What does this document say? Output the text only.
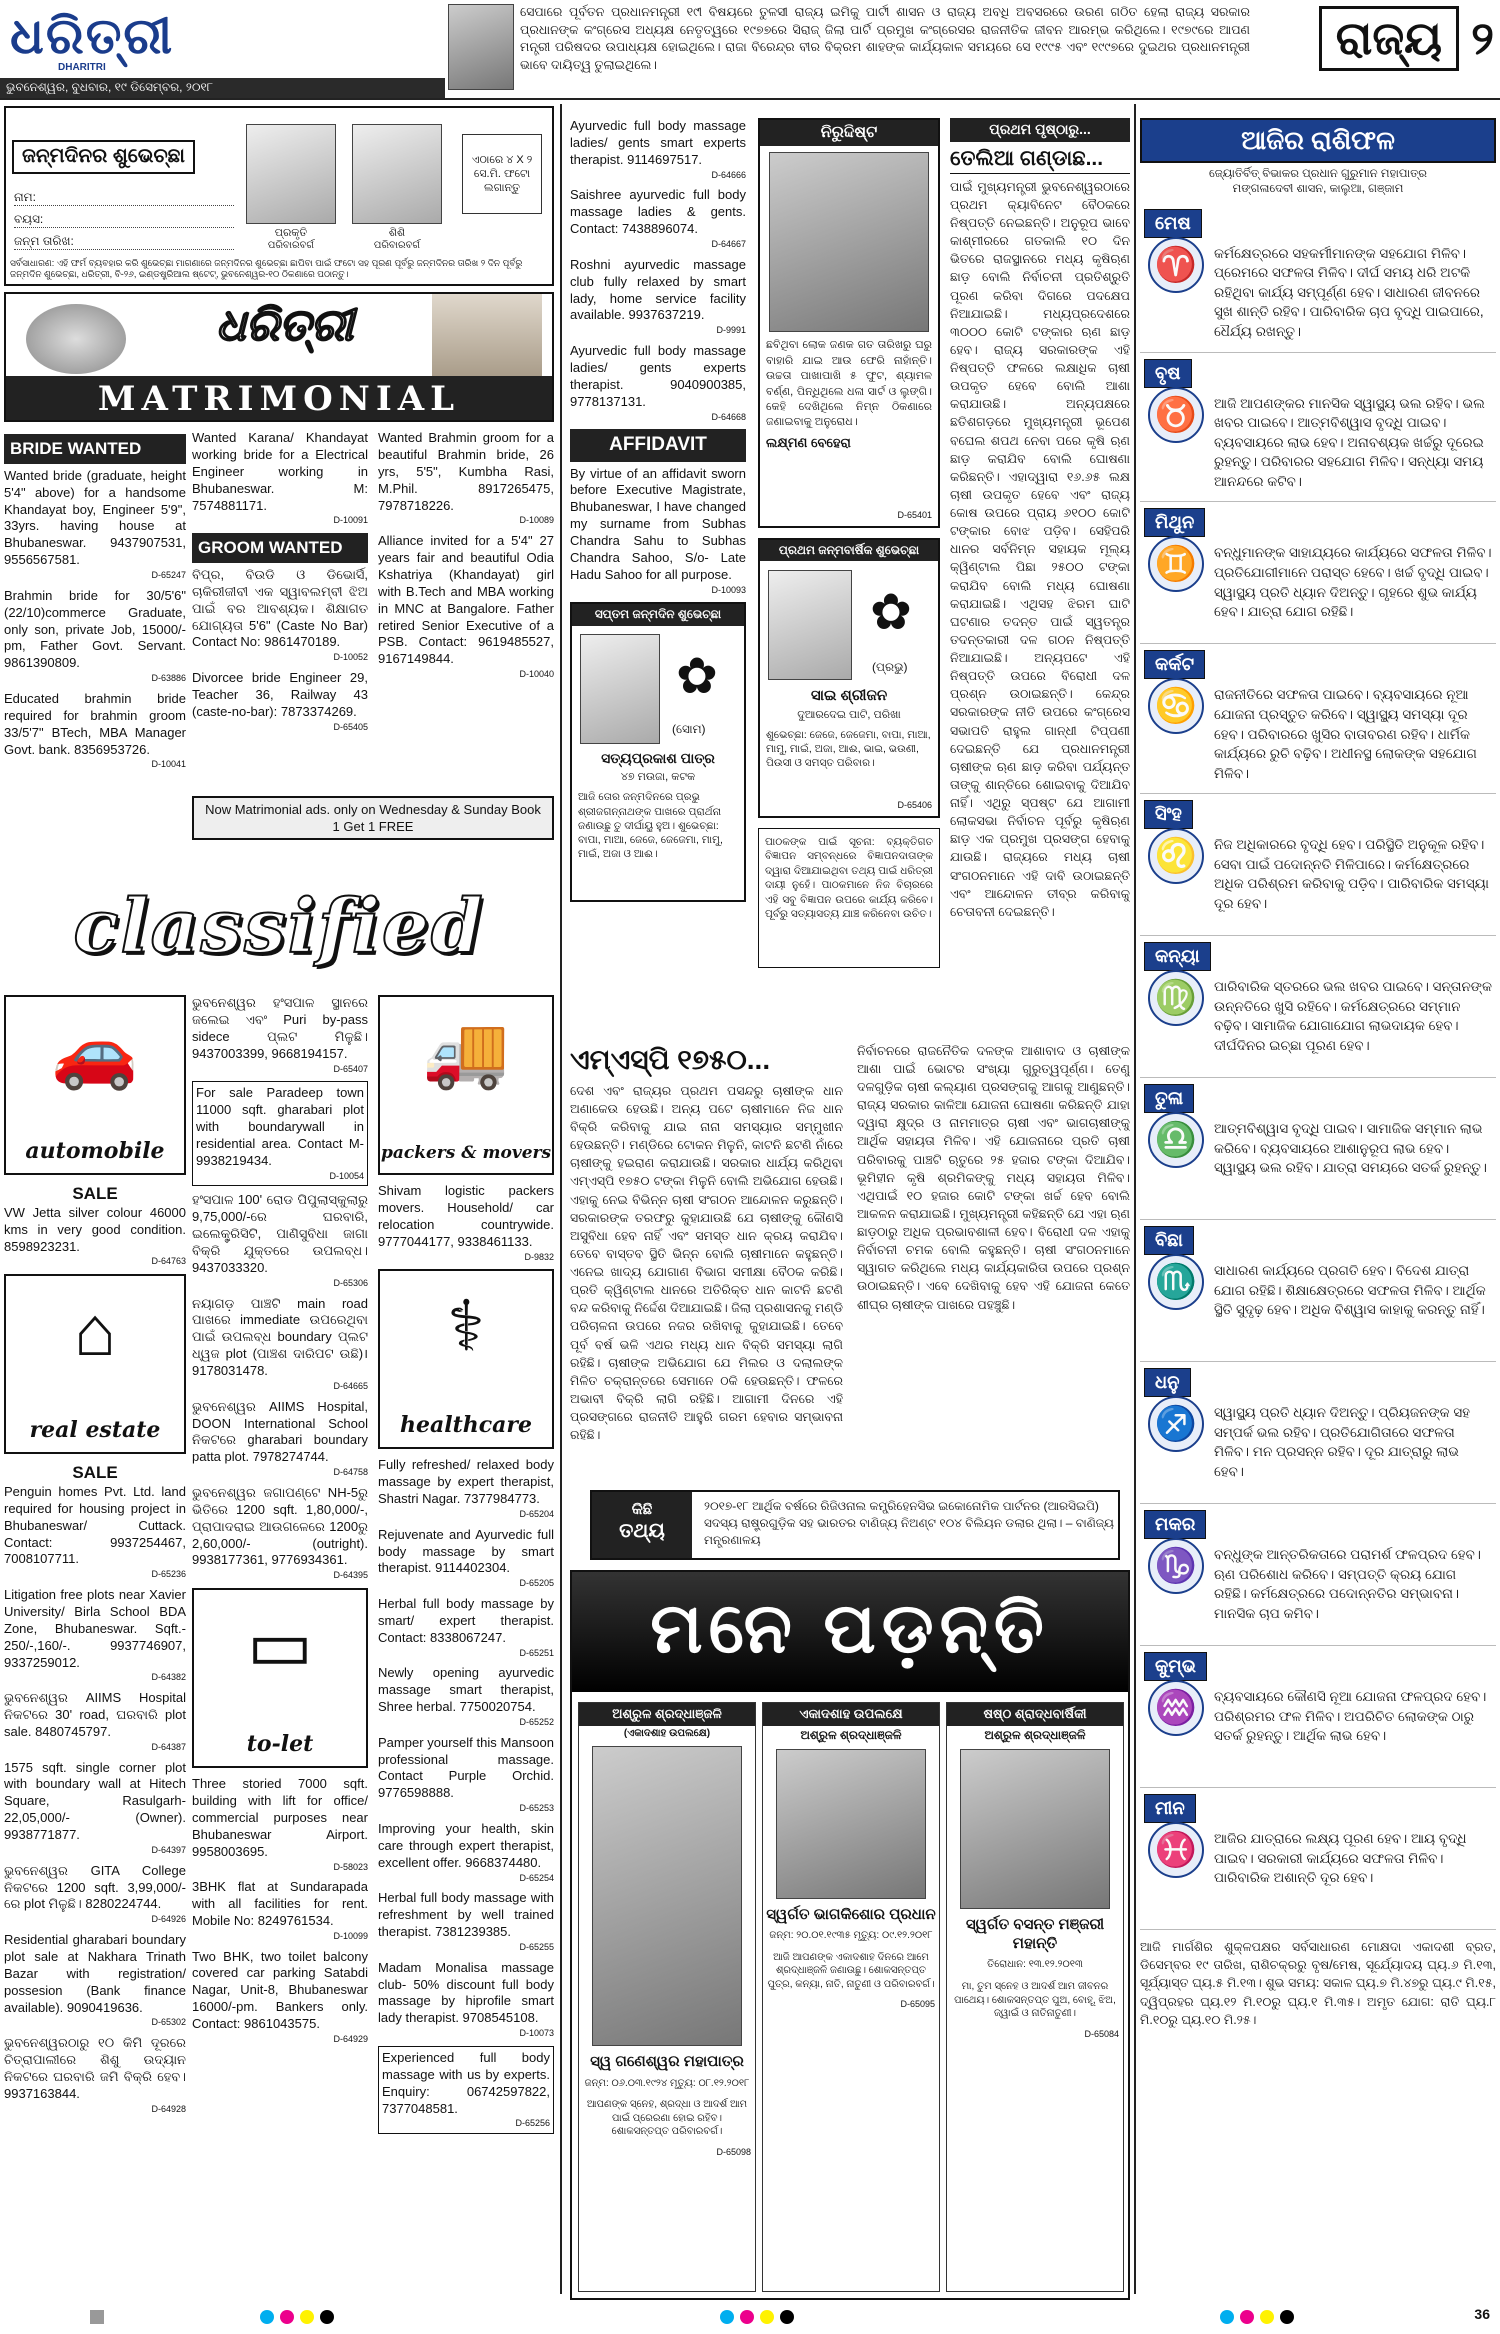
ଧରିତ୍ରୀ
DHARITRI
ଭୁବନେଶ୍ୱର, ବୁଧବାର, ୧୯ ଡିସେମ୍ବର, ୨୦୧୮
ସେପାରେ ପୂର୍ବତନ ପ୍ରଧାନମନ୍ତ୍ରୀ ୧୯ୀ ବିଷୟରେ ତୁଳସୀ ରାଜ୍ୟ ଇମିକୁ ପାର୍ଟୀ ଶାସନ ଓ ରାଜ୍ୟ ଅବଧି ଅବସରରେ ଉରଣ ଗଠିତ ହେଲା ରାଜ୍ୟ ସରକାର ପ୍ରଧାନଙ୍କ କଂଗ୍ରେସ ଅଧ୍ୟକ୍ଷ ନେତୃତ୍ୱରେ ୧୯୭୭ରେ ସିରାଜ୍ ଜିଲା ପାର୍ଟି ପ୍ରମୁଖ କଂଗ୍ରେସର ରାଜନୀତିକ ଜୀବନ ଆରମ୍ଭ କରିଥିଲେ। ୧୯୭୯ରେ ଆପଣ ମନ୍ତ୍ରୀ ପରିଷଦର ଉପାଧ୍ୟକ୍ଷ ହୋଇଥିଲେ। ରାଜା ବିରେନ୍ଦ୍ର ବୀର ବିକ୍ରମ ଶାହଙ୍କ କାର୍ଯ୍ୟକାଳ ସମୟରେ ସେ ୧୯୯୫ ଏବଂ ୧୯୯୭ରେ ଦୁଇଥର ପ୍ରଧାନମନ୍ତ୍ରୀ ଭାବେ ଦାୟିତ୍ୱ ତୁଲାଇଥିଲେ।	ରାଜ୍ୟ ୨
ଜନ୍ମଦିନର ଶୁଭେଚ୍ଛା
ନାମ:
ବୟସ:
ଜନ୍ମ ତାରିଖ:
ପ୍ରକୃତି
ପରିବାରବର୍ଗ
ଶିଶି
ପରିବାରବର୍ଗ
ଏଠାରେ ୪ X ୨ ସେ.ମି. ଫଟୋ ଲଗାନ୍ତୁ
ସର୍ବସାଧାରଣ: ଏହି ଫର୍ମ ବ୍ୟବହାର କରି ଶୁଭେଚ୍ଛା ମାଗଣାରେ ଜନ୍ମଦିନର ଶୁଭେଚ୍ଛା ଛାପିବା ପାଇଁ ଫଟୋ ସହ ପୂରଣ ପୂର୍ବରୁ ଜନ୍ମଦିନର ତାରିଖ ୨ ଦିନ ପୂର୍ବରୁ ଜନ୍ମଦିନ ଶୁଭେଚ୍ଛା, ଧରିତ୍ରୀ, ବି-୨୬, ଇଣ୍ଡଷ୍ଟ୍ରିଆଲ ଷ୍ଟେଟ୍, ଭୁବନେଶ୍ୱର-୧୦ ଠିକଣାରେ ପଠାନ୍ତୁ।
ଧରିତ୍ରୀ
MATRIMONIAL
BRIDE WANTED
Wanted bride (graduate, height 5'4" above) for a handsome Khandayat boy, Engineer 5'9", 33yrs. having house at Bhubaneswar. 9437907531, 9556567581.
D-65247
Brahmin bride for 30/5'6" (22/10)commerce Graduate, only son, private Job, 15000/- pm, Father Govt. Servant. 9861390809.
D-63886
Educated brahmin bride required for brahmin groom 33/5'7" BTech, MBA Manager Govt. bank. 8356953726.
D-10041
Wanted Karana/ Khandayat working bride for a Electrical Engineer working in Bhubaneswar. M: 7574881171.
D-10091
GROOM WANTED
ବିପ୍ର, ବିଉଡି ଓ ଡିଭୋର୍ସି, ଚାକିରୀଜୀବୀ ଏକ ସ୍ୱାବଲମ୍ବୀ ଝିଅ ପାଇଁ ବର ଆବଶ୍ୟକ। ଶିକ୍ଷାଗତ ଯୋଗ୍ୟତା 5'6" (Caste No Bar) Contact No: 9861470189.
D-10052
Divorcee bride Engineer 29, Teacher 36, Railway 43 (caste-no-bar): 7873374269.
D-65405
Wanted Brahmin groom for a beautiful Brahmin bride, 26 yrs, 5'5", Kumbha Rasi, M.Phil. 8917265475, 7978718226.
D-10089
Alliance invited for a 5'4" 27 years fair and beautiful Odia Kshatriya (Khandayat) girl with B.Tech and MBA working in MNC at Bangalore. Father retired Senior Executive of a PSB. Contact: 9619485527, 9167149844.
D-10040
Now Matrimonial ads. only on Wednesday & Sunday Book 1 Get 1 FREE
classified
🚗
automobile
SALE
VW Jetta silver colour 46000 kms in very good condition. 8598923231.
D-64763
⌂
real estate
SALE
Penguin homes Pvt. Ltd. land required for housing project in Bhubaneswar/ Cuttack. Contact: 9937254467, 7008107711.
D-65236
Litigation free plots near Xavier University/ Birla School BDA Zone, Bhubaneswar. Sqft.- 250/-,160/-. 9937746907, 9337259012.
D-64382
ଭୁବନେଶ୍ୱର AIIMS Hospital ନିକଟରେ 30' road, ଘରବାରି plot sale. 8480745797.
D-64387
1575 sqft. single corner plot with boundary wall at Hitech Square, Rasulgarh- 22,05,000/- (Owner). 9938771877.
D-64397
ଭୁବନେଶ୍ୱର GITA College ନିକଟରେ 1200 sqft. 3,99,000/-ରେ plot ମିଳୁଛି। 8280224744.
D-64926
Residential gharabari boundary plot sale at Nakhara Trinath Bazar with registration/ possesion (Bank finance available). 9090419636.
D-65302
ଭୁବନେଶ୍ୱରଠାରୁ ୧୦ କିମି ଦୂରରେ ଚିତ୍ରାପାଲୀରେ ଶିଶୁ ଉଦ୍ୟାନ ନିକଟରେ ଘରବାରି ଜମି ବିକ୍ରି ହେବ। 9937163844.
D-64928
ଭୁବନେଶ୍ୱର ହଂସପାଳ ସ୍ଥାନରେ ଜଲେଇ ଏବଂ Puri by-pass sidece ପ୍ଲଟ ମିଳୁଛି। 9437003399, 9668194157.
D-65407
For sale Paradeep town 11000 sqft. gharabari plot with boundarywall in residential area. Contact M-9938219434.
D-10054
ହଂସପାଳ 100' ରୋଡ ପିପୁଲାସ୍କୁଲାରୁ 9,75,000/-ରେ ଘରବାରି, ଇଲେକ୍ଟ୍ରିସିଟି, ପାଣିସୁବିଧା ଜାଗା ବିକ୍ରି ଯୁକ୍ତରେ ଉପଲବ୍ଧ। 9437033320.
D-65306
ନୟାଗଡ଼ ପାଞ୍ଚଟି main road ପାଖରେ immediate ଉପରେଥିବା ପାଇଁ ଉପଲବ୍ଧ boundary ପ୍ଲଟ ଧ୍ୱଜ plot (ପାଞ୍ଚଶ ଦାରିପଟ ଉଛି)। 9178031478.
D-64665
ଭୁବନେଶ୍ୱର AIIMS Hospital, DOON International School ନିକଟରେ gharabari boundary patta plot. 7978274744.
D-64758
ଭୁବନେଶ୍ୱର ଜଗାପଣ୍ଟେ NH-5ରୁ ଭିତିରେ 1200 sqft. 1,80,000/-, ପ୍ରାପାଦରାଇ ଆଉଗଳେରେ 1200ରୁ 2,60,000/- (outright). 9938177361, 9776934361.
D-64395
▭
to-let
Three storied 7000 sqft. building with lift for office/ commercial purposes near Bhubaneswar Airport. 9958003695.
D-58023
3BHK flat at Sundarapada with all facilities for rent. Mobile No: 8249761534.
D-10099
Two BHK, two toilet balcony covered car parking Satabdi Nagar, Unit-8, Bhubaneswar 16000/-pm. Bankers only. Contact: 9861043575.
D-64929
🚚
packers & movers
Shivam logistic packers movers. Household/ car relocation countrywide. 9777044177, 9338461133.
D-9832
⚕
healthcare
Fully refreshed/ relaxed body massage by expert therapist, Shastri Nagar. 7377984773.
D-65204
Rejuvenate and Ayurvedic full body massage by smart therapist. 9114402304.
D-65205
Herbal full body massage by smart/ expert therapist. Contact: 8338067247.
D-65251
Newly opening ayurvedic massage smart therapist, Shree herbal. 7750020754.
D-65252
Pamper yourself this Mansoon professional massage. Contact Purple Orchid. 9776598888.
D-65253
Improving your health, skin care through expert therapist, excellent offer. 9668374480.
D-65254
Herbal full body massage with refreshment by well trained therapist. 7381239385.
D-65255
Madam Monalisa massage club- 50% discount full body massage by hiprofile smart lady therapist. 9708545108.
D-10073
Experienced full body massage with us by experts. Enquiry: 06742597822, 7377048581.
D-65256
Ayurvedic full body massage ladies/ gents smart experts therapist. 9114697517.
D-64666
Saishree ayurvedic full body massage ladies & gents. Contact: 7438896074.
D-64667
Roshni ayurvedic massage club fully relaxed by smart lady, home service facility available. 9937637219.
D-9991
Ayurvedic full body massage ladies/ gents experts therapist. 9040900385, 9778137131.
D-64668
AFFIDAVIT
By virtue of an affidavit sworn before Executive Magistrate, Bhubaneswar, I have changed my surname from Subhas Chandra Sahu to Subhas Chandra Sahoo, S/o- Late Hadu Sahoo for all purpose.
D-10093
ସପ୍ତମ ଜନ୍ମଦିନ ଶୁଭେଚ୍ଛା
✿
(ସୋମ)
ସତ୍ୟପ୍ରକାଶ ପାତ୍ର
୪୭ ମଉଜା, କଟକ
ଆଜି ତୋର ଜନ୍ମଦିନରେ ପ୍ରଭୁ ଶ୍ରୀଜଗନ୍ନାଥଙ୍କ ପାଖରେ ପ୍ରାର୍ଥନା ଜଣାଉଛୁ ତୁ ଦୀର୍ଘାୟୁ ହୁଅ। ଶୁଭେଚ୍ଛା: ବାପା, ମାଆ, ଜେଜେ, ଜେଜେମା, ମାମୁ, ମାଇଁ, ଅଜା ଓ ଆଈ।
ନିରୁଦ୍ଦିଷ୍ଟ
ଛବିଥିବା ଲୋକ ଜଣକ ଗତ ତାରିଖରୁ ଘରୁ ବାହାରି ଯାଇ ଆଉ ଫେରି ନାହାଁନ୍ତି। ଉଚ୍ଚତା ପାଖାପାଖି ୫ ଫୁଟ, ଶ୍ୟାମଳ ବର୍ଣ୍ଣ, ପିନ୍ଧିଥିଲେ ଧଳା ସାର୍ଟ ଓ ଲୁଙ୍ଗି। କେହି ଦେଖିଥିଲେ ନିମ୍ନ ଠିକଣାରେ ଜଣାଇବାକୁ ଅନୁରୋଧ।
ଲକ୍ଷ୍ମଣ ବେହେରା
D-65401
ପ୍ରଥମ ଜନ୍ମବାର୍ଷିକ ଶୁଭେଚ୍ଛା
✿
(ପ୍ରଭୁ)
ସାଇ ଶ୍ରୀଜନ
ଦୁଆରଦେଇ ପାଟି, ପରିଖା
ଶୁଭେଚ୍ଛା: ଜେଜେ, ଜେଜେମା, ବାପା, ମାଆ, ମାମୁ, ମାଇଁ, ଅଜା, ଆଈ, ଭାଇ, ଭଉଣୀ, ପିଉସୀ ଓ ସମସ୍ତ ପରିବାର।
D-65406
ପାଠକଙ୍କ ପାଇଁ ସୂଚନା: ବ୍ୟକ୍ତିଗତ ବିଜ୍ଞାପନ ସମ୍ବନ୍ଧରେ ବିଜ୍ଞାପନଦାତାଙ୍କ ଦ୍ୱାରା ଦିଆଯାଇଥିବା ତଥ୍ୟ ପାଇଁ ଧରିତ୍ରୀ ଦାୟୀ ନୁହେଁ। ପାଠକମାନେ ନିଜ ବିଚାରରେ ଏହି ସବୁ ବିଜ୍ଞାପନ ଉପରେ କାର୍ଯ୍ୟ କରିବେ। ପୂର୍ବରୁ ସତ୍ୟାସତ୍ୟ ଯାଞ୍ଚ କରିନେବା ଉଚିତ।
ପ୍ରଥମ ପୃଷ୍ଠାରୁ...
ତେଲିଆ ଗଣ୍ଡାଛ...
ପାଇଁ ମୁଖ୍ୟମନ୍ତ୍ରୀ ଭୁବନେଶ୍ୱରଠାରେ ପ୍ରଥମ କ୍ୟାବିନେଟ ବୈଠକରେ ନିଷ୍ପତ୍ତି ନେଇଛନ୍ତି। ଅନୁରୂପ ଭାବେ କାଶ୍ମୀରରେ ଗତକାଲି ୧୦ ଦିନ ଭିତରେ ରାଜସ୍ଥାନରେ ମଧ୍ୟ କୃଷିଋଣ ଛାଡ଼ ବୋଲି ନିର୍ବାଚନୀ ପ୍ରତିଶ୍ରୁତି ପୂରଣ କରିବା ଦିଗରେ ପଦକ୍ଷେପ ନିଆଯାଇଛି। ମଧ୍ୟପ୍ରଦେଶରେ ୩୦୦୦ କୋଟି ଟଙ୍କାର ଋଣ ଛାଡ଼ ହେବ। ରାଜ୍ୟ ସରକାରଙ୍କ ଏହି ନିଷ୍ପତ୍ତି ଫଳରେ ଲକ୍ଷାଧିକ ଚାଷୀ ଉପକୃତ ହେବେ ବୋଲି ଆଶା କରାଯାଉଛି। ଅନ୍ୟପକ୍ଷରେ ଛତିଶଗଡ଼ରେ ମୁଖ୍ୟମନ୍ତ୍ରୀ ଭୂପେଶ ବଘେଲ ଶପଥ ନେବା ପରେ କୃଷି ଋଣ ଛାଡ଼ କରାଯିବ ବୋଲି ଘୋଷଣା କରିଛନ୍ତି। ଏହାଦ୍ୱାରା ୧୬.୬୫ ଲକ୍ଷ ଚାଷୀ ଉପକୃତ ହେବେ ଏବଂ ରାଜ୍ୟ କୋଷ ଉପରେ ପ୍ରାୟ ୬୧୦୦ କୋଟି ଟଙ୍କାର ବୋଝ ପଡ଼ିବ। ସେହିପରି ଧାନର ସର୍ବନିମ୍ନ ସହାୟକ ମୂଲ୍ୟ କ୍ୱିଣ୍ଟାଲ ପିଛା ୨୫୦୦ ଟଙ୍କା କରାଯିବ ବୋଲି ମଧ୍ୟ ଘୋଷଣା କରାଯାଇଛି। ଏଥିସହ ଝିରମ ଘାଟି ଘଟଣାର ତଦନ୍ତ ପାଇଁ ସ୍ୱତନ୍ତ୍ର ତଦନ୍ତକାରୀ ଦଳ ଗଠନ ନିଷ୍ପତ୍ତି ନିଆଯାଇଛି। ଅନ୍ୟପଟେ ଏହି ନିଷ୍ପତ୍ତି ଉପରେ ବିରୋଧୀ ଦଳ ପ୍ରଶ୍ନ ଉଠାଇଛନ୍ତି। କେନ୍ଦ୍ର ସରକାରଙ୍କ ନୀତି ଉପରେ କଂଗ୍ରେସ ସଭାପତି ରାହୁଲ ଗାନ୍ଧୀ ଟିପ୍ପଣୀ ଦେଇଛନ୍ତି ଯେ ପ୍ରଧାନମନ୍ତ୍ରୀ ଚାଷୀଙ୍କ ଋଣ ଛାଡ଼ କରିବା ପର୍ଯ୍ୟନ୍ତ ତାଙ୍କୁ ଶାନ୍ତିରେ ଶୋଇବାକୁ ଦିଆଯିବ ନାହିଁ। ଏଥିରୁ ସ୍ପଷ୍ଟ ଯେ ଆଗାମୀ ଲୋକସଭା ନିର୍ବାଚନ ପୂର୍ବରୁ କୃଷିଋଣ ଛାଡ଼ ଏକ ପ୍ରମୁଖ ପ୍ରସଙ୍ଗ ହେବାକୁ ଯାଉଛି। ରାଜ୍ୟରେ ମଧ୍ୟ ଚାଷୀ ସଂଗଠନମାନେ ଏହି ଦାବି ଉଠାଇଛନ୍ତି ଏବଂ ଆନ୍ଦୋଳନ ତୀବ୍ର କରିବାକୁ ଚେତାବନୀ ଦେଇଛନ୍ତି।
ଏମ୍‌ଏସ୍‌ପି ୧୭୫୦...
ଦେଶ ଏବଂ ରାଜ୍ୟର ପ୍ରଥମ ପସନ୍ଦରୁ ଚାଷୀଙ୍କ ଧାନ ଅଣାକେଉ ହେଉଛି। ଅନ୍ୟ ପଟେ ଚାଷୀମାନେ ନିଜ ଧାନ ବିକ୍ରି କରିବାକୁ ଯାଇ ନାନା ସମସ୍ୟାର ସମ୍ମୁଖୀନ ହେଉଛନ୍ତି। ମଣ୍ଡିରେ ଟୋକନ ମିଳୁନି, କାଟନି ଛଟଣି ନାଁରେ ଚାଷୀଙ୍କୁ ହଇରାଣ କରାଯାଉଛି। ସରକାର ଧାର୍ଯ୍ୟ କରିଥିବା ଏମ୍‌ଏସ୍‌ପି ୧୭୫୦ ଟଙ୍କା ମିଳୁନି ବୋଲି ଅଭିଯୋଗ ହେଉଛି। ଏହାକୁ ନେଇ ବିଭିନ୍ନ ଚାଷୀ ସଂଗଠନ ଆନ୍ଦୋଳନ କରୁଛନ୍ତି। ସରକାରଙ୍କ ତରଫରୁ କୁହାଯାଉଛି ଯେ ଚାଷୀଙ୍କୁ କୌଣସି ଅସୁବିଧା ହେବ ନାହିଁ ଏବଂ ସମସ୍ତ ଧାନ କ୍ରୟ କରାଯିବ। ତେବେ ବାସ୍ତବ ସ୍ଥିତି ଭିନ୍ନ ବୋଲି ଚାଷୀମାନେ କହୁଛନ୍ତି। ଏନେଇ ଖାଦ୍ୟ ଯୋଗାଣ ବିଭାଗ ସମୀକ୍ଷା ବୈଠକ କରିଛି। ପ୍ରତି କ୍ୱିଣ୍ଟାଲ ଧାନରେ ଅତିରିକ୍ତ ଧାନ କାଟନି ଛଟଣି ବନ୍ଦ କରିବାକୁ ନିର୍ଦ୍ଦେଶ ଦିଆଯାଇଛି। ଜିଲା ପ୍ରଶାସନକୁ ମଣ୍ଡି ପରିଚାଳନା ଉପରେ ନଜର ରଖିବାକୁ କୁହାଯାଇଛି। ତେବେ ପୂର୍ବ ବର୍ଷ ଭଳି ଏଥର ମଧ୍ୟ ଧାନ ବିକ୍ରି ସମସ୍ୟା ଲାଗି ରହିଛି। ଚାଷୀଙ୍କ ଅଭିଯୋଗ ଯେ ମିଲର ଓ ଦଲାଲଙ୍କ ମିଳିତ ଚକ୍ରାନ୍ତରେ ସେମାନେ ଠକି ହେଉଛନ୍ତି। ଫଳରେ ଅଭାବୀ ବିକ୍ରି ଲାଗି ରହିଛି। ଆଗାମୀ ଦିନରେ ଏହି ପ୍ରସଙ୍ଗରେ ରାଜନୀତି ଆହୁରି ଗରମ ହେବାର ସମ୍ଭାବନା ରହିଛି।
ନିର୍ବାଚନରେ ରାଜନୈତିକ ଦଳଙ୍କ ଆଶାବାଦ ଓ ଚାଷୀଙ୍କ ଆଶା ପାଇଁ ଭୋଟର ସଂଖ୍ୟା ଗୁରୁତ୍ୱପୂର୍ଣ୍ଣ। ତେଣୁ ଦଳଗୁଡ଼ିକ ଚାଷୀ କଲ୍ୟାଣ ପ୍ରସଙ୍ଗକୁ ଆଗକୁ ଆଣୁଛନ୍ତି। ରାଜ୍ୟ ସରକାର କାଳିଆ ଯୋଜନା ଘୋଷଣା କରିଛନ୍ତି ଯାହା ଦ୍ୱାରା କ୍ଷୁଦ୍ର ଓ ନାମମାତ୍ର ଚାଷୀ ଏବଂ ଭାଗଚାଷୀଙ୍କୁ ଆର୍ଥିକ ସହାୟତା ମିଳିବ। ଏହି ଯୋଜନାରେ ପ୍ରତି ଚାଷୀ ପରିବାରକୁ ପାଞ୍ଚଟି ଋତୁରେ ୨୫ ହଜାର ଟଙ୍କା ଦିଆଯିବ। ଭୂମିହୀନ କୃଷି ଶ୍ରମିକଙ୍କୁ ମଧ୍ୟ ସହାୟତା ମିଳିବ। ଏଥିପାଇଁ ୧୦ ହଜାର କୋଟି ଟଙ୍କା ଖର୍ଚ୍ଚ ହେବ ବୋଲି ଆକଳନ କରାଯାଇଛି। ମୁଖ୍ୟମନ୍ତ୍ରୀ କହିଛନ୍ତି ଯେ ଏହା ଋଣ ଛାଡ଼ଠାରୁ ଅଧିକ ପ୍ରଭାବଶାଳୀ ହେବ। ବିରୋଧୀ ଦଳ ଏହାକୁ ନିର୍ବାଚନୀ ଚମକ ବୋଲି କହୁଛନ୍ତି। ଚାଷୀ ସଂଗଠନମାନେ ସ୍ୱାଗତ କରିଥିଲେ ମଧ୍ୟ କାର୍ଯ୍ୟକାରିତା ଉପରେ ପ୍ରଶ୍ନ ଉଠାଇଛନ୍ତି। ଏବେ ଦେଖିବାକୁ ହେବ ଏହି ଯୋଜନା କେତେ ଶୀଘ୍ର ଚାଷୀଙ୍କ ପାଖରେ ପହଞ୍ଚୁଛି।
କିଛି
ତଥ୍ୟ
୨୦୧୭-୧୮ ଆର୍ଥିକ ବର୍ଷରେ ରିଜିଓନାଲ କମ୍ପ୍ରିହେନସିଭ ଇକୋନୋମିକ ପାର୍ଟନର (ଆରସିଇପି) ସଦସ୍ୟ ରାଷ୍ଟ୍ରଗୁଡ଼ିକ ସହ ଭାରତର ବାଣିଜ୍ୟ ନିଅଣ୍ଟ ୧୦୪ ବିଲିୟନ ଡଲାର ଥିଲା। – ବାଣିଜ୍ୟ ମନ୍ତ୍ରଣାଳୟ
ମନେ ପଡ଼ନ୍ତି
ଅଶ୍ରୁଳ ଶ୍ରଦ୍ଧାଞ୍ଜଳି
(ଏକାଦଶାହ ଉପଲକ୍ଷେ)
ସ୍ୱ ଗଣେଶ୍ୱର ମହାପାତ୍ର
ଜନ୍ମ: ୦୬.୦୩.୧୯୨୪ ମୃତ୍ୟୁ: ୦୮.୧୨.୨୦୧୮
ଆପଣଙ୍କ ସ୍ନେହ, ଶ୍ରଦ୍ଧା ଓ ଆଦର୍ଶ ଆମ ପାଇଁ ପ୍ରେରଣା ହୋଇ ରହିବ। ଶୋକସନ୍ତପ୍ତ ପରିବାରବର୍ଗ।
D-65098
ଏକାଦଶାହ ଉପଲକ୍ଷେ
ଅଶ୍ରୁଳ ଶ୍ରଦ୍ଧାଞ୍ଜଳି
ସ୍ୱର୍ଗତ ଭାଗକିଶୋର ପ୍ରଧାନ
ଜନ୍ମ: ୨୦.୦୧.୧୯୩୫ ମୃତ୍ୟୁ: ୦୯.୧୨.୨୦୧୮
ଆଜି ଆପଣଙ୍କ ଏକାଦଶାହ ଦିନରେ ଆମେ ଶ୍ରଦ୍ଧାଞ୍ଜଳି ଜଣାଉଛୁ। ଶୋକସନ୍ତପ୍ତ ପୁତ୍ର, କନ୍ୟା, ନାତି, ନାତୁଣୀ ଓ ପରିବାରବର୍ଗ।
D-65095
ଷଷ୍ଠ ଶ୍ରାଦ୍ଧବାର୍ଷିକୀ
ଅଶ୍ରୁଳ ଶ୍ରଦ୍ଧାଞ୍ଜଳି
ସ୍ୱର୍ଗତ ବସନ୍ତ ମଞ୍ଜରୀ ମହାନ୍ତି
ତିରୋଧାନ: ୧୩.୧୨.୨୦୧୩
ମା, ତୁମ ସ୍ନେହ ଓ ଆଦର୍ଶ ଆମ ଜୀବନର ପାଥେୟ। ଶୋକସନ୍ତପ୍ତ ପୁଅ, ବୋହୂ, ଝିଅ, ଜ୍ୱାଇଁ ଓ ନାତିନାତୁଣୀ।
D-65084
ଆଜିର ରାଶିଫଳ
ଜ୍ୟୋତିର୍ବିତ୍ ବିଭାକର ପ୍ରଧାନ ଗୁରୁମାନ ମହାପାତ୍ର
ମଙ୍ଗଳାଦେବୀ ଶାସନ, କାଲୁଆ, ଗଞ୍ଜାମ
ମେଷ
♈	କର୍ମକ୍ଷେତ୍ରରେ ସହକର୍ମୀମାନଙ୍କ ସହଯୋଗ ମିଳିବ। ପ୍ରେମରେ ସଫଳତା ମିଳିବ। ଦୀର୍ଘ ସମୟ ଧରି ଅଟକି ରହିଥିବା କାର୍ଯ୍ୟ ସମ୍ପୂର୍ଣ୍ଣ ହେବ। ସାଧାରଣ ଜୀବନରେ ସୁଖ ଶାନ୍ତି ରହିବ। ପାରିବାରିକ ଚାପ ବୃଦ୍ଧି ପାଇପାରେ, ଧୈର୍ଯ୍ୟ ରଖନ୍ତୁ।
ବୃଷ
♉	ଆଜି ଆପଣଙ୍କର ମାନସିକ ସ୍ୱାସ୍ଥ୍ୟ ଭଲ ରହିବ। ଭଲ ଖବର ପାଇବେ। ଆତ୍ମବିଶ୍ୱାସ ବୃଦ୍ଧି ପାଇବ। ବ୍ୟବସାୟରେ ଲାଭ ହେବ। ଅନାବଶ୍ୟକ ଖର୍ଚ୍ଚରୁ ଦୂରେଇ ରୁହନ୍ତୁ। ପରିବାରର ସହଯୋଗ ମିଳିବ। ସନ୍ଧ୍ୟା ସମୟ ଆନନ୍ଦରେ କଟିବ।
ମିଥୁନ
♊	ବନ୍ଧୁମାନଙ୍କ ସାହାଯ୍ୟରେ କାର୍ଯ୍ୟରେ ସଫଳତା ମିଳିବ। ପ୍ରତିଯୋଗୀମାନେ ପରାସ୍ତ ହେବେ। ଖର୍ଚ୍ଚ ବୃଦ୍ଧି ପାଇବ। ସ୍ୱାସ୍ଥ୍ୟ ପ୍ରତି ଧ୍ୟାନ ଦିଅନ୍ତୁ। ଗୃହରେ ଶୁଭ କାର୍ଯ୍ୟ ହେବ। ଯାତ୍ରା ଯୋଗ ରହିଛି।
କର୍କଟ
♋	ରାଜନୀତିରେ ସଫଳତା ପାଇବେ। ବ୍ୟବସାୟରେ ନୂଆ ଯୋଜନା ପ୍ରସ୍ତୁତ କରିବେ। ସ୍ୱାସ୍ଥ୍ୟ ସମସ୍ୟା ଦୂର ହେବ। ପରିବାରରେ ଖୁସିର ବାତାବରଣ ରହିବ। ଧାର୍ମିକ କାର୍ଯ୍ୟରେ ରୁଚି ବଢ଼ିବ। ଅଧୀନସ୍ଥ ଲୋକଙ୍କ ସହଯୋଗ ମିଳିବ।
ସିଂହ
♌	ନିଜ ଅଧିକାରରେ ବୃଦ୍ଧି ହେବ। ପରିସ୍ଥିତି ଅନୁକୂଳ ରହିବ। ସେବା ପାଇଁ ପଦୋନ୍ନତି ମିଳିପାରେ। କର୍ମକ୍ଷେତ୍ରରେ ଅଧିକ ପରିଶ୍ରମ କରିବାକୁ ପଡ଼ିବ। ପାରିବାରିକ ସମସ୍ୟା ଦୂର ହେବ।
କନ୍ୟା
♍	ପାରିବାରିକ ସ୍ତରରେ ଭଲ ଖବର ପାଇବେ। ସନ୍ତାନଙ୍କ ଉନ୍ନତିରେ ଖୁସି ରହିବେ। କର୍ମକ୍ଷେତ୍ରରେ ସମ୍ମାନ ବଢ଼ିବ। ସାମାଜିକ ଯୋଗାଯୋଗ ଲାଭଦାୟକ ହେବ। ଦୀର୍ଘଦିନର ଇଚ୍ଛା ପୂରଣ ହେବ।
ତୁଳା
♎	ଆତ୍ମବିଶ୍ୱାସ ବୃଦ୍ଧି ପାଇବ। ସାମାଜିକ ସମ୍ମାନ ଲାଭ କରିବେ। ବ୍ୟବସାୟରେ ଆଶାନୁରୂପ ଲାଭ ହେବ। ସ୍ୱାସ୍ଥ୍ୟ ଭଲ ରହିବ। ଯାତ୍ରା ସମୟରେ ସତର୍କ ରୁହନ୍ତୁ।
ବିଛା
♏	ସାଧାରଣ କାର୍ଯ୍ୟରେ ପ୍ରଗତି ହେବ। ବିଦେଶ ଯାତ୍ରା ଯୋଗ ରହିଛି। ଶିକ୍ଷାକ୍ଷେତ୍ରରେ ସଫଳତା ମିଳିବ। ଆର୍ଥିକ ସ୍ଥିତି ସୁଦୃଢ଼ ହେବ। ଅଧିକ ବିଶ୍ୱାସ କାହାକୁ କରନ୍ତୁ ନାହିଁ।
ଧନୁ
♐	ସ୍ୱାସ୍ଥ୍ୟ ପ୍ରତି ଧ୍ୟାନ ଦିଅନ୍ତୁ। ପ୍ରିୟଜନଙ୍କ ସହ ସମ୍ପର୍କ ଭଲ ରହିବ। ପ୍ରତିଯୋଗିତାରେ ସଫଳତା ମିଳିବ। ମନ ପ୍ରସନ୍ନ ରହିବ। ଦୂର ଯାତ୍ରାରୁ ଲାଭ ହେବ।
ମକର
♑	ବନ୍ଧୁଙ୍କ ଆନ୍ତରିକତାରେ ପରାମର୍ଶ ଫଳପ୍ରଦ ହେବ। ଋଣ ପରିଶୋଧ କରିବେ। ସମ୍ପତ୍ତି କ୍ରୟ ଯୋଗ ରହିଛି। କର୍ମକ୍ଷେତ୍ରରେ ପଦୋନ୍ନତିର ସମ୍ଭାବନା। ମାନସିକ ଚାପ କମିବ।
କୁମ୍ଭ
♒	ବ୍ୟବସାୟରେ କୌଣସି ନୂଆ ଯୋଜନା ଫଳପ୍ରଦ ହେବ। ପରିଶ୍ରମର ଫଳ ମିଳିବ। ଅପରିଚିତ ଲୋକଙ୍କ ଠାରୁ ସତର୍କ ରୁହନ୍ତୁ। ଆର୍ଥିକ ଲାଭ ହେବ।
ମୀନ
♓	ଆଜିର ଯାତ୍ରାରେ ଲକ୍ଷ୍ୟ ପୂରଣ ହେବ। ଆୟ ବୃଦ୍ଧି ପାଇବ। ସରକାରୀ କାର୍ଯ୍ୟରେ ସଫଳତା ମିଳିବ। ପାରିବାରିକ ଅଶାନ୍ତି ଦୂର ହେବ।
ଆଜି ମାର୍ଗଶିର ଶୁକ୍ଳପକ୍ଷର ସର୍ବସାଧାରଣ ମୋକ୍ଷଦା ଏକାଦଶୀ ବ୍ରତ, ଡିସେମ୍ବର ୧୯ ତାରିଖ, ରାଶିଚକ୍ରରୁ ବୃଷ/ମେଷ, ସୂର୍ଯ୍ୟୋଦୟ ଘ୍ୟ.୬ ମି.୧୩, ସୂର୍ଯ୍ୟାସ୍ତ ଘ୍ୟ.୫ ମି.୧୩। ଶୁଭ ସମୟ: ସକାଳ ଘ୍ୟ.୭ ମି.୪୭ରୁ ଘ୍ୟ.୯ ମି.୧୫, ଦ୍ୱିପ୍ରହର ଘ୍ୟ.୧୨ ମି.୧୦ରୁ ଘ୍ୟ.୧ ମି.୩୫। ଅମୃତ ଯୋଗ: ରାତି ଘ୍ୟ.୮ ମି.୧୦ରୁ ଘ୍ୟ.୧୦ ମି.୨୫।
36
